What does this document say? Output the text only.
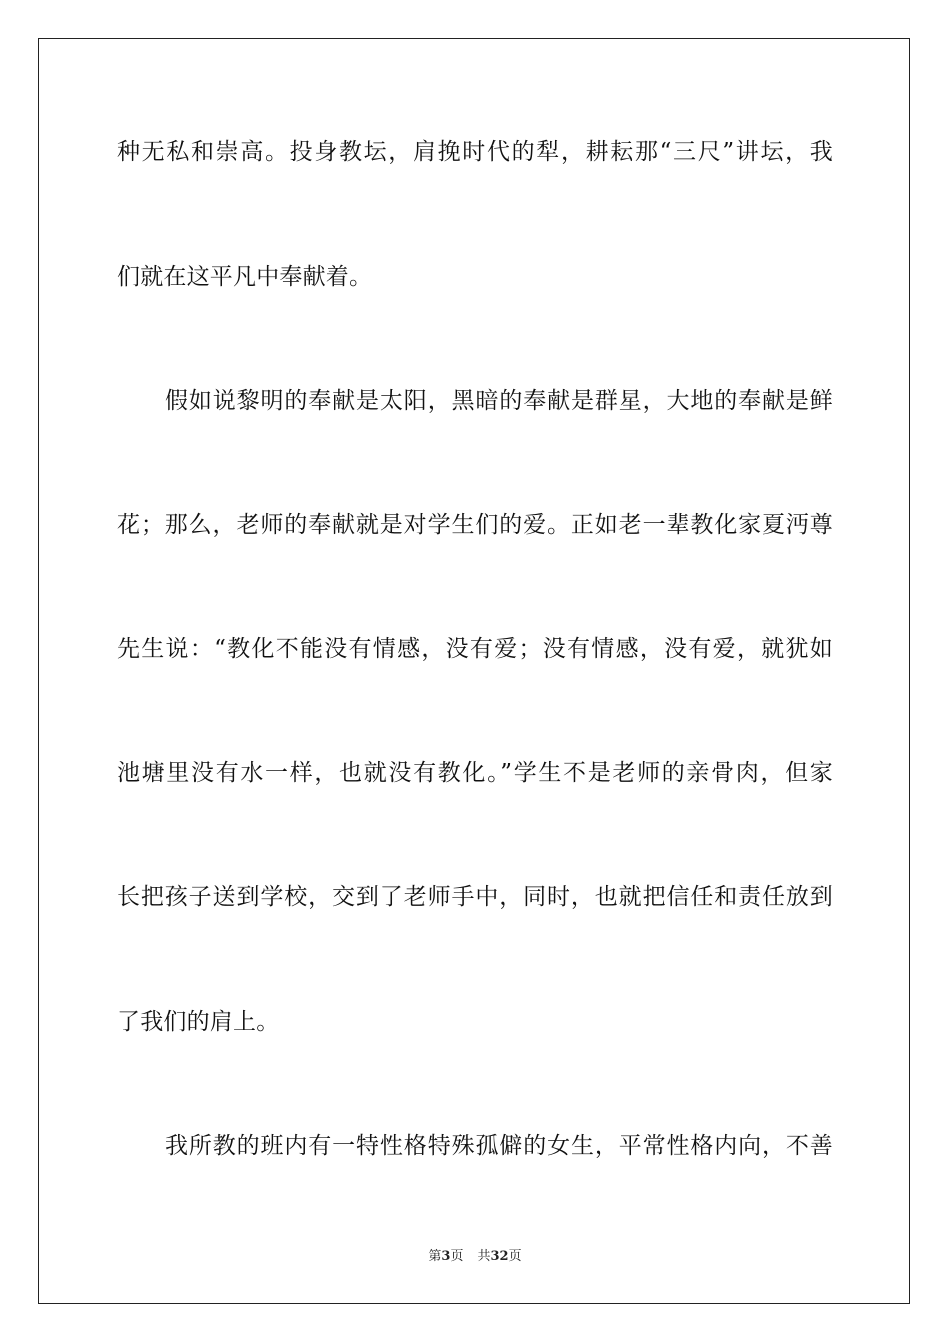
种无私和崇高。投身教坛，肩挽时代的犁，耕耘那“三尺”讲坛，我
们就在这平凡中奉献着。
假如说黎明的奉献是太阳，黑暗的奉献是群星，大地的奉献是鲜
花；那么，老师的奉献就是对学生们的爱。正如老一辈教化家夏沔尊
先生说：“教化不能没有情感，没有爱；没有情感，没有爱，就犹如
池塘里没有水一样，也就没有教化。”学生不是老师的亲骨肉，但家
长把孩子送到学校，交到了老师手中，同时，也就把信任和责任放到
了我们的肩上。
我所教的班内有一特性格特殊孤僻的女生，平常性格内向，不善
第3页 共32页
